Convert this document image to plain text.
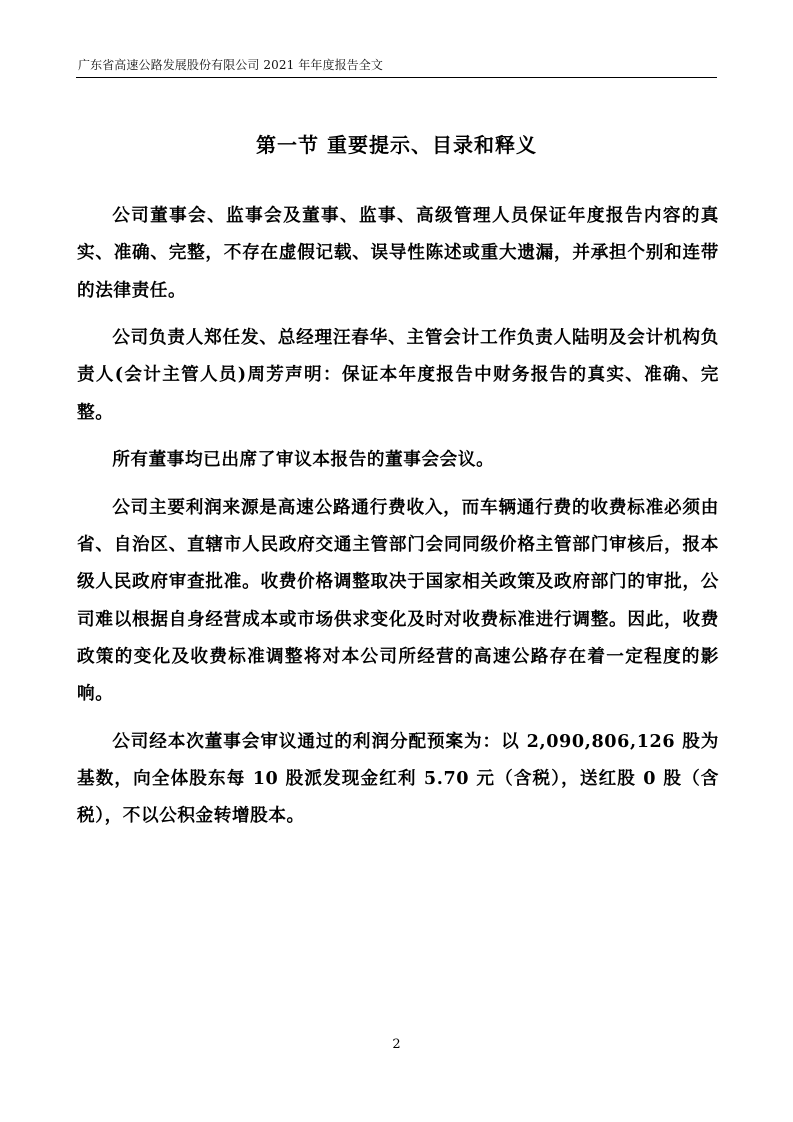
广东省高速公路发展股份有限公司 2021 年年度报告全文
第一节 重要提示、目录和释义

公司董事会、监事会及董事、监事、高级管理人员保证年度报告内容的真实、准确、完整，不存在虚假记载、误导性陈述或重大遗漏，并承担个别和连带的法律责任。

公司负责人郑任发、总经理汪春华、主管会计工作负责人陆明及会计机构负责人(会计主管人员)周芳声明：保证本年度报告中财务报告的真实、准确、完整。

所有董事均已出席了审议本报告的董事会会议。

公司主要利润来源是高速公路通行费收入，而车辆通行费的收费标准必须由省、自治区、直辖市人民政府交通主管部门会同同级价格主管部门审核后，报本级人民政府审查批准。收费价格调整取决于国家相关政策及政府部门的审批，公司难以根据自身经营成本或市场供求变化及时对收费标准进行调整。因此，收费政策的变化及收费标准调整将对本公司所经营的高速公路存在着一定程度的影响。

公司经本次董事会审议通过的利润分配预案为：以 2,090,806,126 股为基数，向全体股东每 10 股派发现金红利 5.70 元（含税），送红股 0 股（含税），不以公积金转增股本。

2
